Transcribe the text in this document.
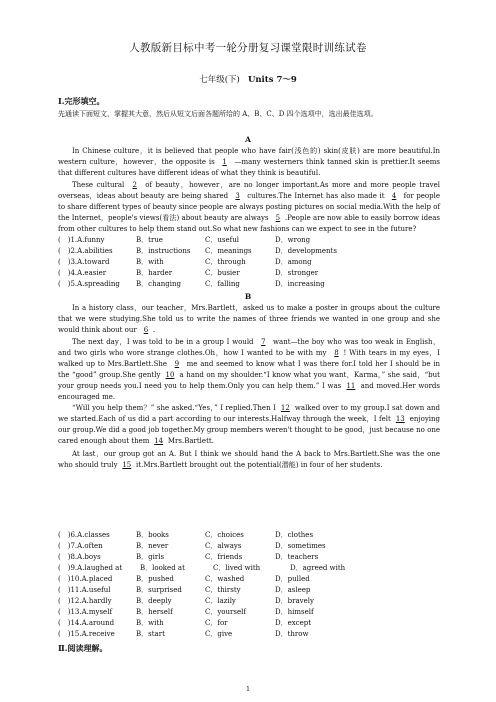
人教版新目标中考一轮分册复习课堂限时训练试卷
七年级(下) Units 7～9
Ⅰ.完形填空。
先通读下面短文，掌握其大意，然后从短文后面各题所给的 A、B、C、D 四个选项中，选出最佳选项。
A
In Chinese culture，it is believed that people who have fair(浅色的) skin(皮肤) are more beautiful.In western culture，however，the opposite is 1 —many westerners think tanned skin is prettier.It seems that different cultures have different ideas of what they think is beautiful.
These cultural 2 of beauty，however，are no longer important.As more and more people travel overseas，ideas about beauty are being shared 3 cultures.The Internet has also made it 4 for people to share different types of beauty since people are always posting pictures on social media.With the help of the Internet，people's views(看法) about beauty are always 5 .People are now able to easily borrow ideas from other cultures to help them stand out.So what new fashions can we expect to see in the future?
(　)1.A.funny	B．true	C．useful	D．wrong
(　)2.A.abilities	B．instructions C．meanings	D．developments
(　)3.A.toward	B．with	C．through	D．among
(　)4.A.easier	B．harder	C．busier	D．stronger
(　)5.A.spreading B．changing	C．falling	D．increasing
B
In a history class，our teacher，Mrs.Bartlett，asked us to make a poster in groups about the culture that we were studying.She told us to write the names of three friends we wanted in one group and she would think about our 6 .
The next day，I was told to be in a group I would 7 want—the boy who was too weak in English，and two girls who wore strange clothes.Oh，how I wanted to be with my 8 ! With tears in my eyes，I walked up to Mrs.Bartlett.She 9 me and seemed to know what I was there for.I told her I should be in the “good” group.She gently 10 a hand on my shoulder.“I know what you want，Karma，” she said，“but your group needs you.I need you to help them.Only you can help them.” I was 11 and moved.Her words encouraged me.
“Will you help them？” she asked.“Yes，” I replied.Then I 12 walked over to my group.I sat down and we started.Each of us did a part according to our interests.Halfway through the week，I felt 13 enjoying our group.We did a good job together.My group members weren't thought to be good，just because no one cared enough about them 14 Mrs.Bartlett.
At last，our group got an A. But I think we should hand the A back to Mrs.Bartlett.She was the one who should truly 15 it.Mrs.Bartlett brought out the potential(潜能) in four of her students.
(　)6.A.classes	B．books	C．choices	D．clothes
(　)7.A.often	B．never	C．always	D．sometimes
(　)8.A.boys	B．girls	C．friends	D．teachers
(　)9.A.laughed at	B．looked at	C．lived with	D．agreed with
(　)10.A.placed	B．pushed	C．washed	D．pulled
(　)11.A.useful	B．surprised	C．thirsty	D．asleep
(　)12.A.hardly	B．deeply	C．lazily	D．bravely
(　)13.A.myself	B．herself	C．yourself	D．himself
(　)14.A.around	B．with	C．for	D．except
(　)15.A.receive	B．start	C．give	D．throw
Ⅱ.阅读理解。
1
